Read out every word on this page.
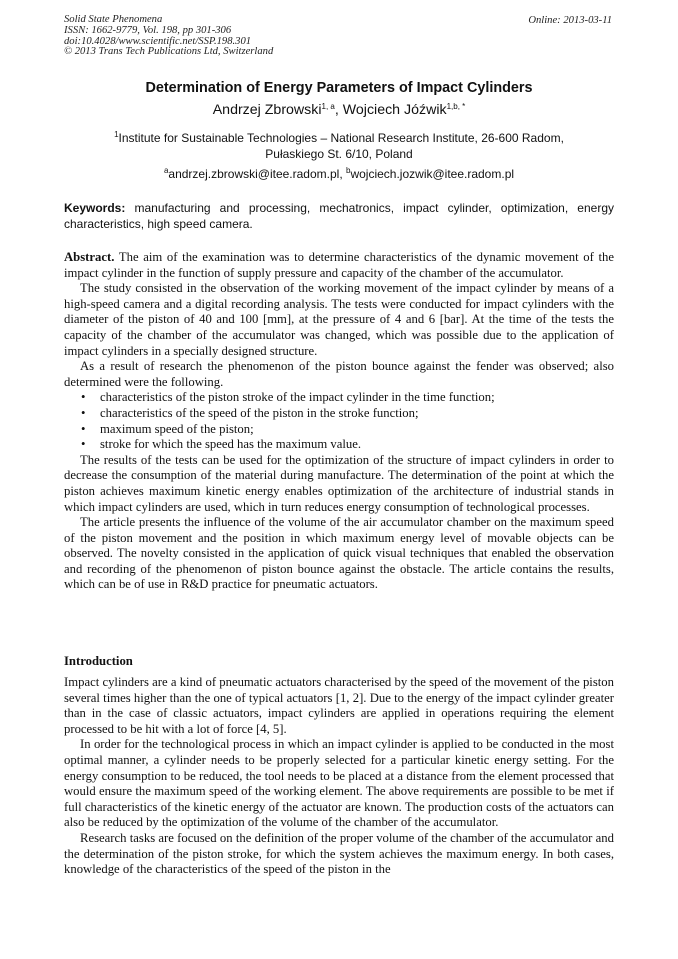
Solid State Phenomena
ISSN: 1662-9779, Vol. 198, pp 301-306
doi:10.4028/www.scientific.net/SSP.198.301
© 2013 Trans Tech Publications Ltd, Switzerland
Online: 2013-03-11
Determination of Energy Parameters of Impact Cylinders
Andrzej Zbrowski$^{1, a}$, Wojciech Jóźwik$^{1,b, *}$
$^1$Institute for Sustainable Technologies – National Research Institute, 26-600 Radom, Pułaskiego St. 6/10, Poland
$^a$andrzej.zbrowski@itee.radom.pl, $^b$wojciech.jozwik@itee.radom.pl
Keywords: manufacturing and processing, mechatronics, impact cylinder, optimization, energy characteristics, high speed camera.

Abstract. The aim of the examination was to determine characteristics of the dynamic movement of the impact cylinder in the function of supply pressure and capacity of the chamber of the accumulator.

The study consisted in the observation of the working movement of the impact cylinder by means of a high-speed camera and a digital recording analysis. The tests were conducted for impact cylinders with the diameter of the piston of 40 and 100 [mm], at the pressure of 4 and 6 [bar]. At the time of the tests the capacity of the chamber of the accumulator was changed, which was possible due to the application of impact cylinders in a specially designed structure.

As a result of research the phenomenon of the piston bounce against the fender was observed; also determined were the following.

• characteristics of the piston stroke of the impact cylinder in the time function;
• characteristics of the speed of the piston in the stroke function;
• maximum speed of the piston;
• stroke for which the speed has the maximum value.

The results of the tests can be used for the optimization of the structure of impact cylinders in order to decrease the consumption of the material during manufacture. The determination of the point at which the piston achieves maximum kinetic energy enables optimization of the architecture of industrial stands in which impact cylinders are used, which in turn reduces energy consumption of technological processes.

The article presents the influence of the volume of the air accumulator chamber on the maximum speed of the piston movement and the position in which maximum energy level of movable objects can be observed. The novelty consisted in the application of quick visual techniques that enabled the observation and recording of the phenomenon of piston bounce against the obstacle. The article contains the results, which can be of use in R&D practice for pneumatic actuators.

Introduction

Impact cylinders are a kind of pneumatic actuators characterised by the speed of the movement of the piston several times higher than the one of typical actuators [1, 2]. Due to the energy of the impact cylinder greater than in the case of classic actuators, impact cylinders are applied in operations requiring the element processed to be hit with a lot of force [4, 5].

In order for the technological process in which an impact cylinder is applied to be conducted in the most optimal manner, a cylinder needs to be properly selected for a particular kinetic energy setting. For the energy consumption to be reduced, the tool needs to be placed at a distance from the element processed that would ensure the maximum speed of the working element. The above requirements are possible to be met if full characteristics of the kinetic energy of the actuator are known. The production costs of the actuators can also be reduced by the optimization of the volume of the chamber of the accumulator.

Research tasks are focused on the definition of the proper volume of the chamber of the accumulator and the determination of the piston stroke, for which the system achieves the maximum energy. In both cases, knowledge of the characteristics of the speed of the piston in the
